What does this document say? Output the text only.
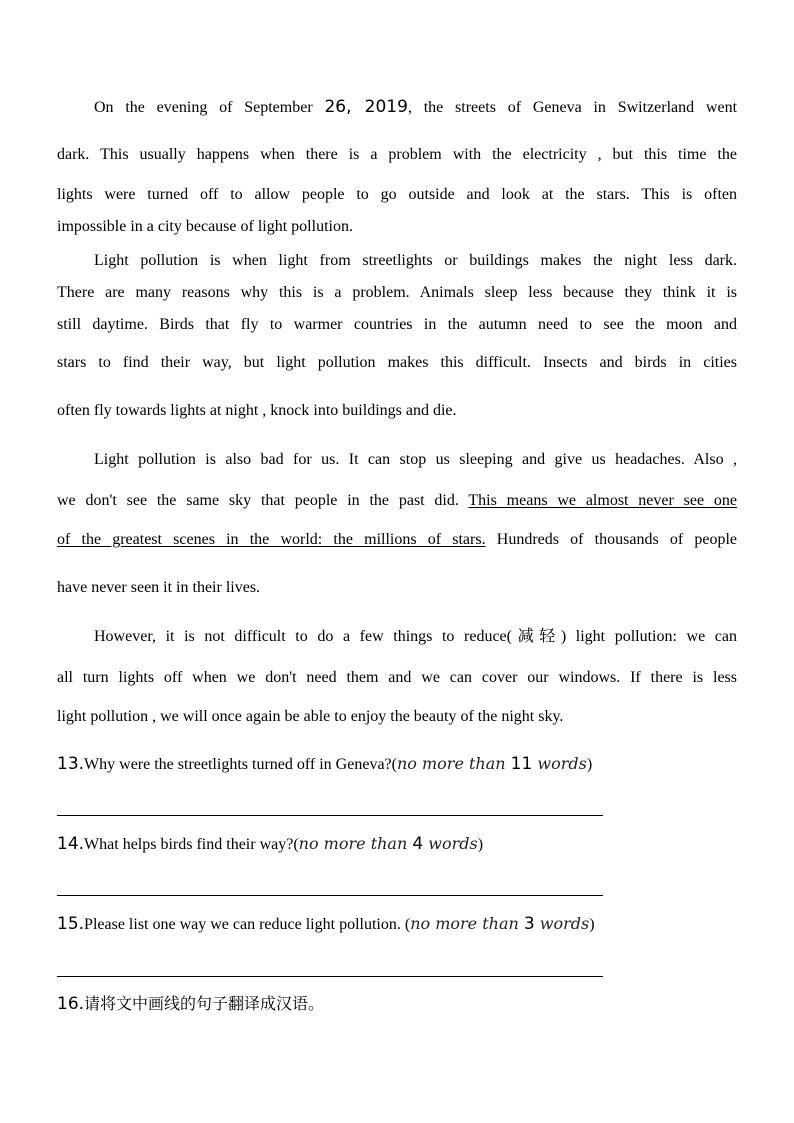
On the evening of September 26, 2019, the streets of Geneva in Switzerland went
dark. This usually happens when there is a problem with the electricity , but this time the
lights were turned off to allow people to go outside and look at the stars. This is often
impossible in a city because of light pollution.
Light pollution is when light from streetlights or buildings makes the night less dark.
There are many reasons why this is a problem. Animals sleep less because they think it is
still daytime. Birds that fly to warmer countries in the autumn need to see the moon and
stars to find their way, but light pollution makes this difficult. Insects and birds in cities
often fly towards lights at night , knock into buildings and die.
Light pollution is also bad for us. It can stop us sleeping and give us headaches. Also ,
we don't see the same sky that people in the past did. This means we almost never see one
of the greatest scenes in the world: the millions of stars. Hundreds of thousands of people
have never seen it in their lives.
However, it is not difficult to do a few things to reduce(减轻) light pollution: we can
all turn lights off when we don't need them and we can cover our windows. If there is less
light pollution , we will once again be able to enjoy the beauty of the night sky.
13.Why were the streetlights turned off in Geneva?(no more than 11 words)
14.What helps birds find their way?(no more than 4 words)
15.Please list one way we can reduce light pollution. (no more than 3 words)
16.请将文中画线的句子翻译成汉语。
